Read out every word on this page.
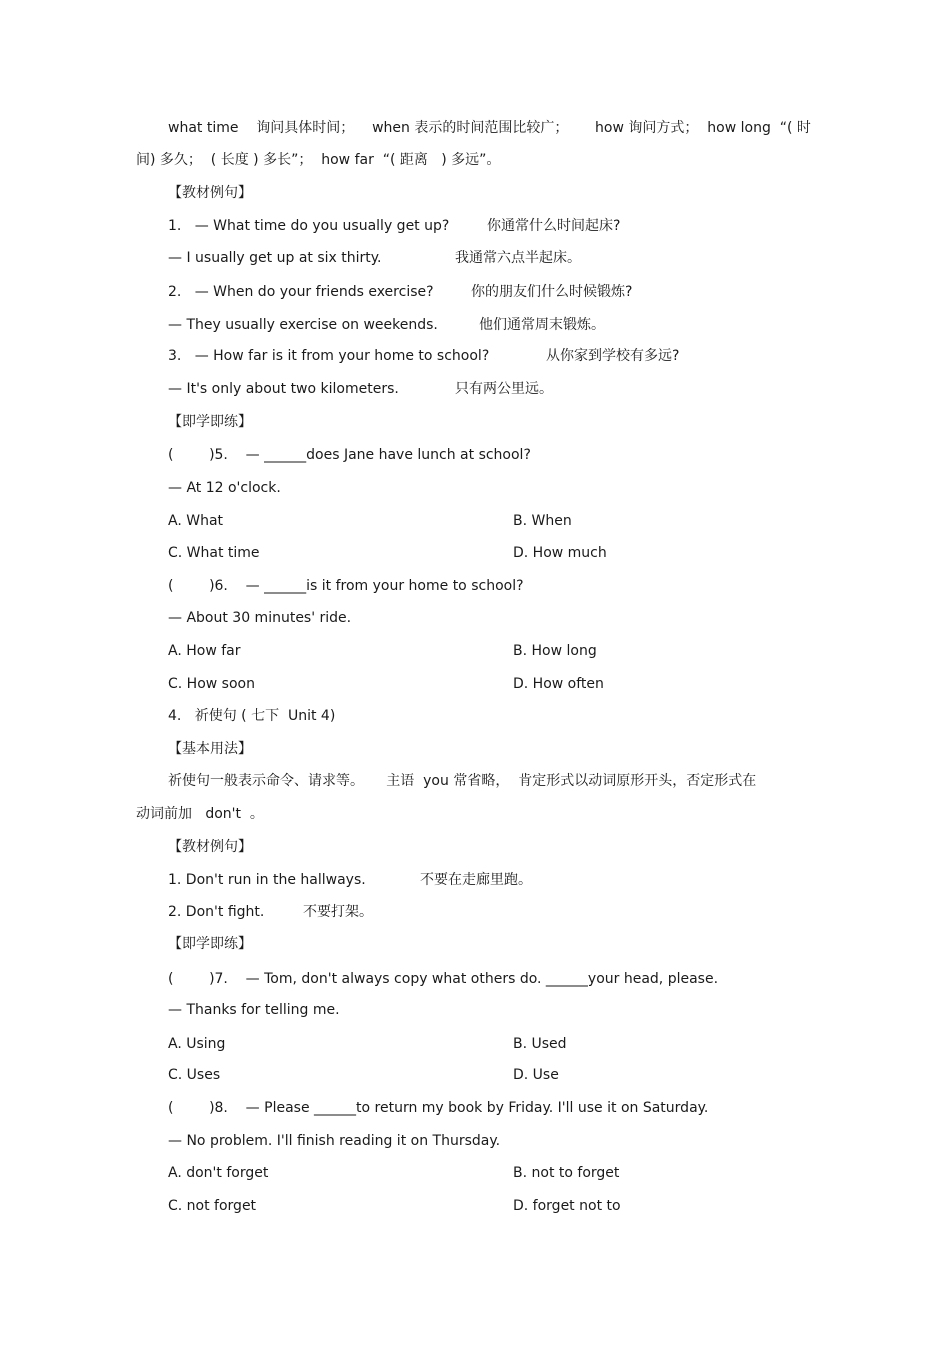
what time    询问具体时间；    when 表示的时间范围比较广；      how 询问方式；  how long  “( 时
间) 多久；  ( 长度 ) 多长”；  how far  “( 距离   ) 多远”。
【教材例句】
1.   — What time do you usually get up?	你通常什么时间起床?
— I usually get up at six thirty.	我通常六点半起床。
2.   — When do your friends exercise?	你的朋友们什么时候锻炼?
— They usually exercise on weekends.	他们通常周末锻炼。
3.   — How far is it from your home to school?	从你家到学校有多远?
— It's only about two kilometers.	只有两公里远。
【即学即练】
(        )5.    — ______does Jane have lunch at school?
— At 12 o'clock.
A. What	B. When
C. What time	D. How much
(        )6.    — ______is it from your home to school?
— About 30 minutes' ride.
A. How far	B. How long
C. How soon	D. How often
4.   祈使句 ( 七下  Unit 4)
【基本用法】
祈使句一般表示命令、请求等。     主语  you 常省略，  肯定形式以动词原形开头，否定形式在
动词前加   don't  。
【教材例句】
1. Don't run in the hallways.	不要在走廊里跑。
2. Don't fight.	不要打架。
【即学即练】
(        )7.    — Tom, don't always copy what others do. ______your head, please.
— Thanks for telling me.
A. Using	B. Used
C. Uses	D. Use
(        )8.    — Please ______to return my book by Friday. I'll use it on Saturday.
— No problem. I'll finish reading it on Thursday.
A. don't forget	B. not to forget
C. not forget	D. forget not to
